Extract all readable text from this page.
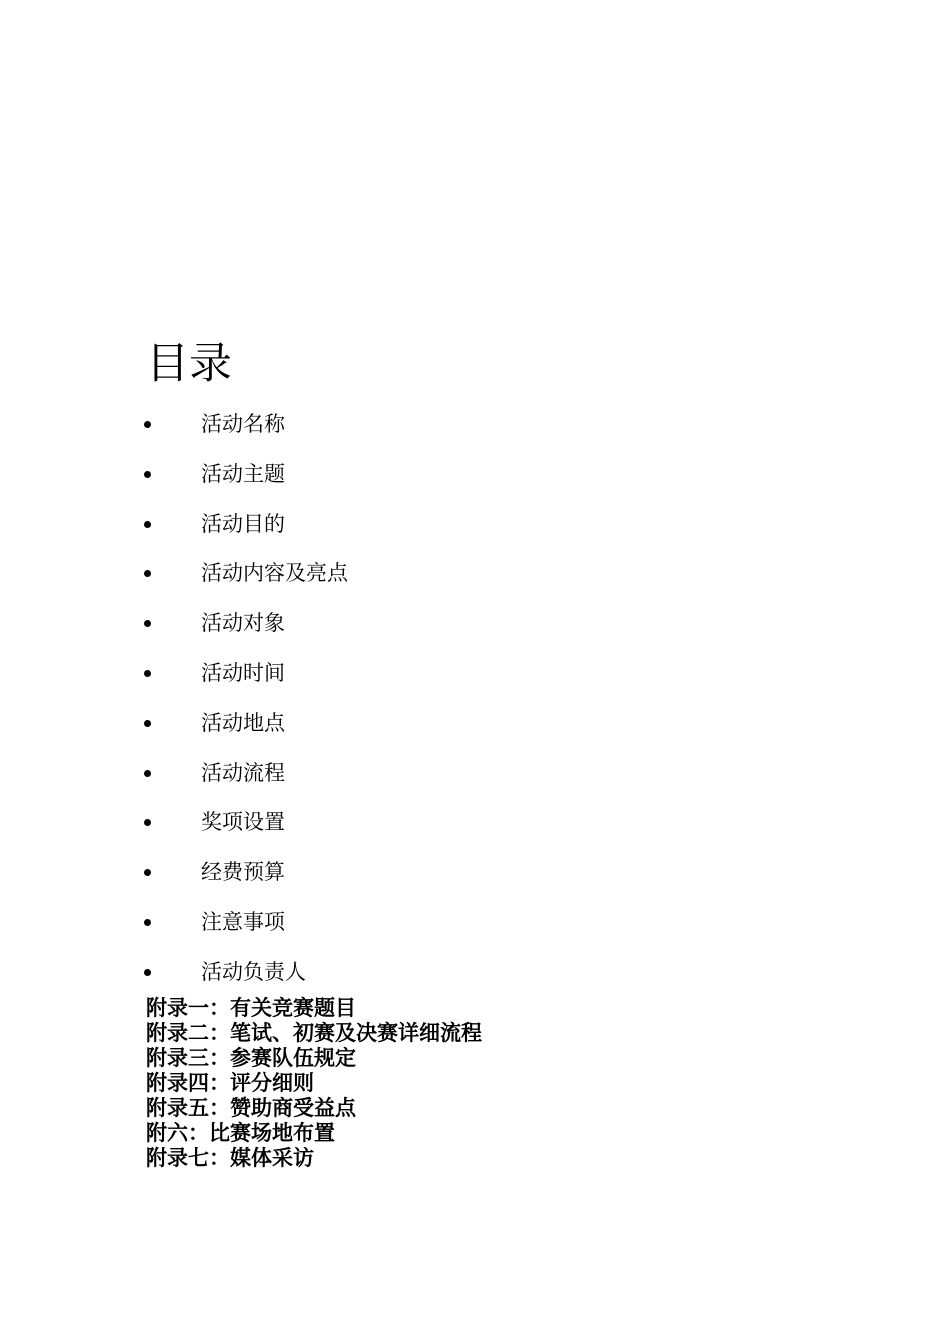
目录
活动名称
活动主题
活动目的
活动内容及亮点
活动对象
活动时间
活动地点
活动流程
奖项设置
经费预算
注意事项
活动负责人
附录一：有关竞赛题目
附录二：笔试、初赛及决赛详细流程
附录三：参赛队伍规定
附录四：评分细则
附录五：赞助商受益点
附六：比赛场地布置
附录七：媒体采访
